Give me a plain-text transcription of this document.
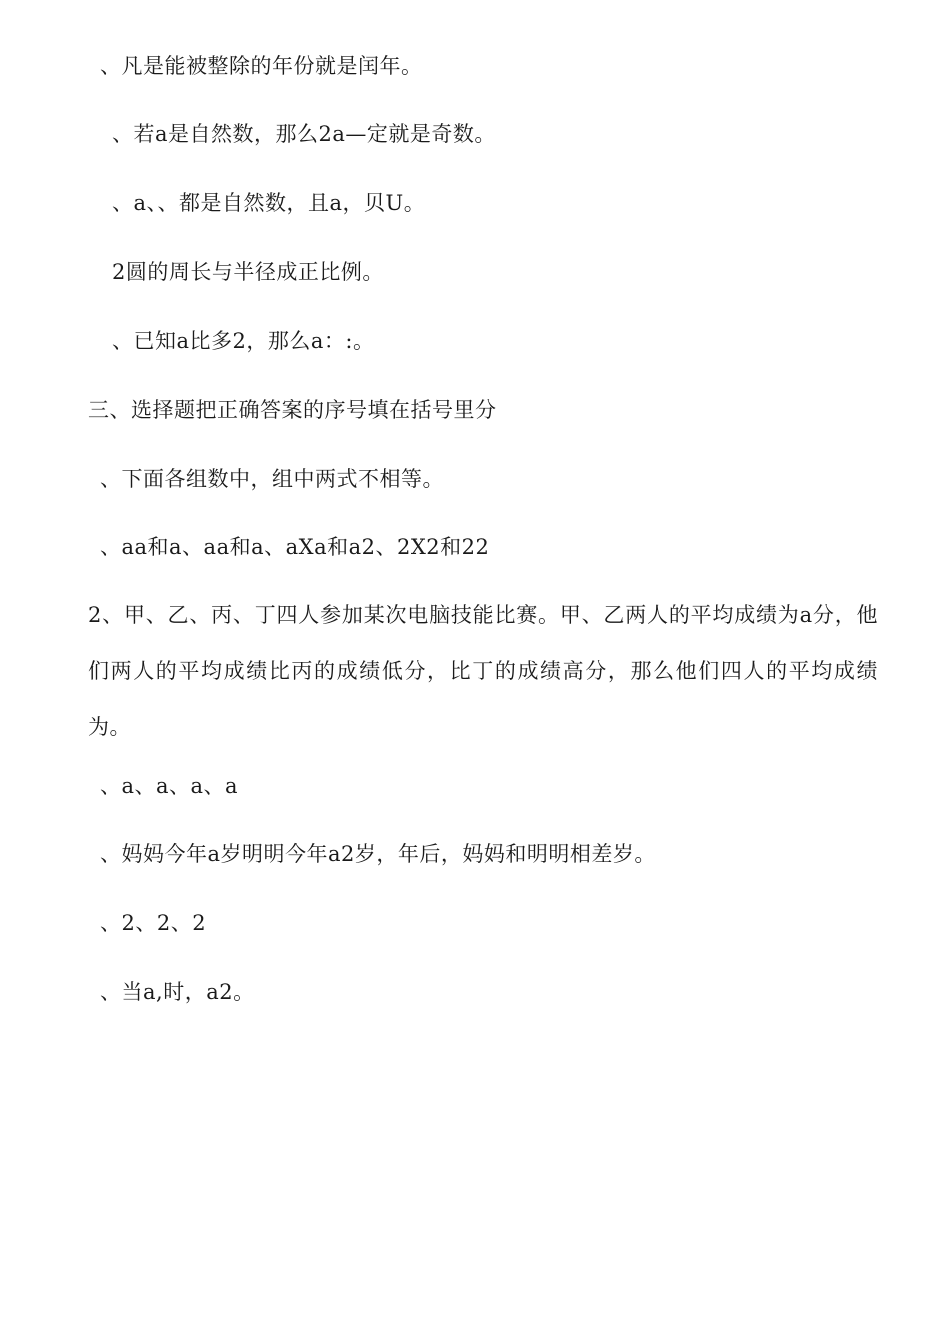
、凡是能被整除的年份就是闰年。
、若a是自然数，那么2a—定就是奇数。
、a、、都是自然数，且a，贝U。
2圆的周长与半径成正比例。
、已知a比多2，那么a：:。
三、选择题把正确答案的序号填在括号里分
、下面各组数中，组中两式不相等。
、aa和a、aa和a、aXa和a2、2X2和22
2、甲、乙、丙、丁四人参加某次电脑技能比赛。甲、乙两人的平均成绩为a分，他们两人的平均成绩比丙的成绩低分，比丁的成绩高分，那么他们四人的平均成绩为。
、a、a、a、a
、妈妈今年a岁明明今年a2岁，年后，妈妈和明明相差岁。
、2、2、2
、当a,时，a2。
